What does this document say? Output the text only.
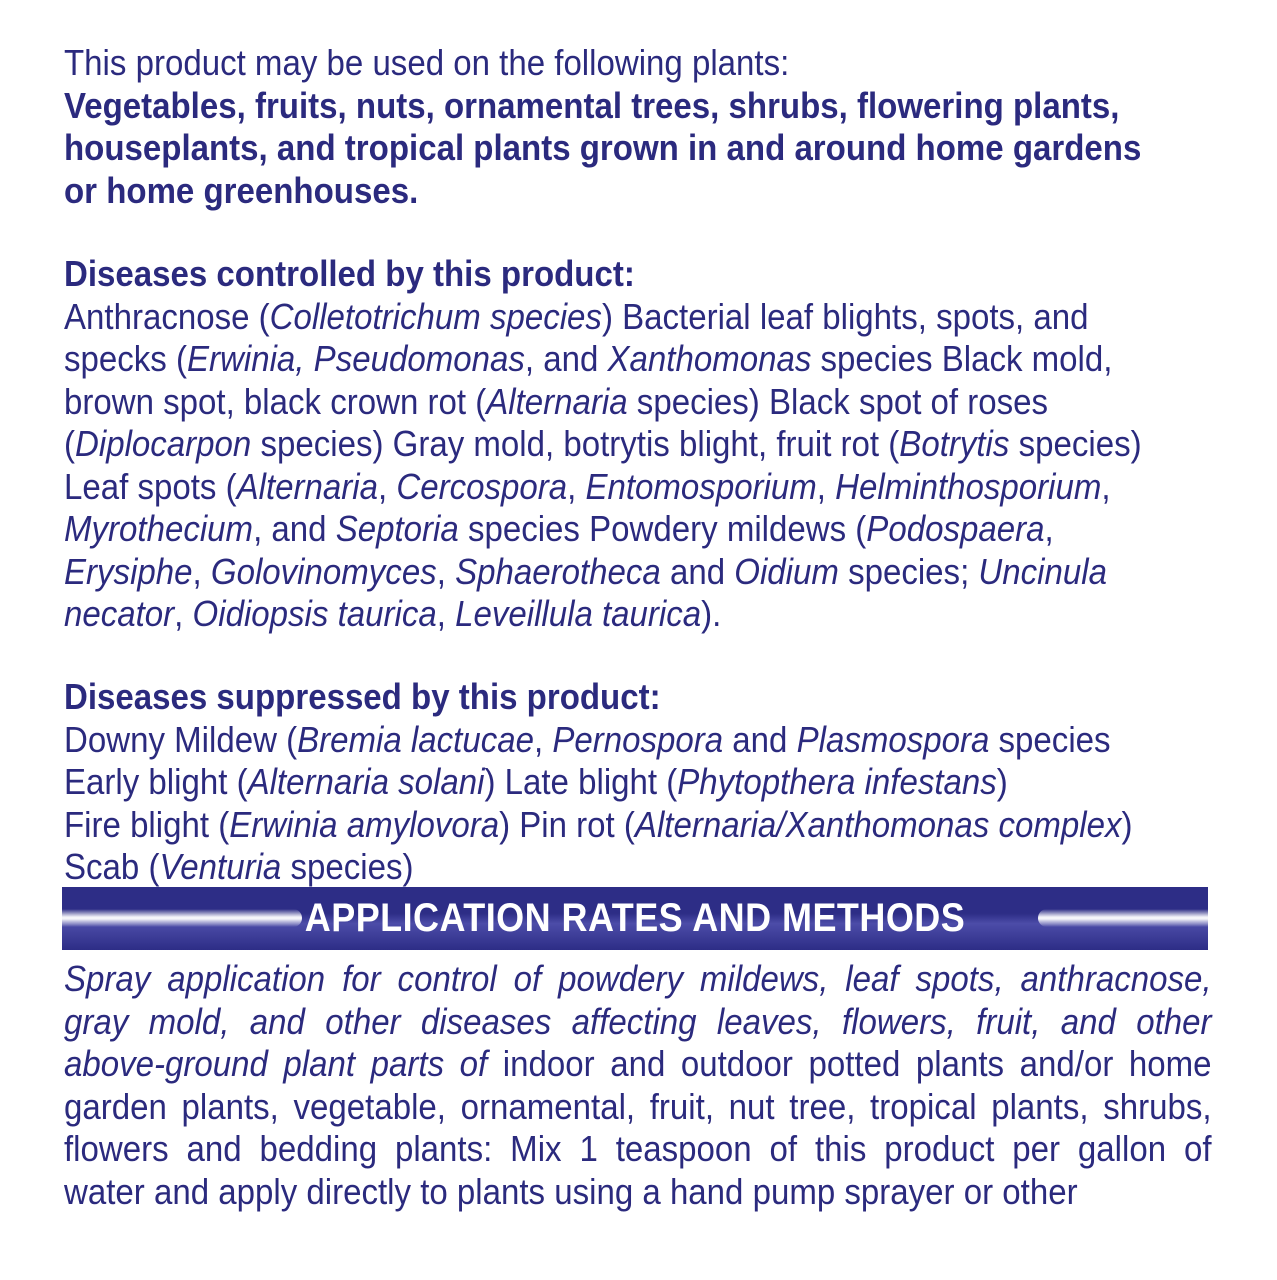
This product may be used on the following plants:
Vegetables, fruits, nuts, ornamental trees, shrubs, flowering plants,
houseplants, and tropical plants grown in and around home gardens
or home greenhouses.
Diseases controlled by this product:
Anthracnose (Colletotrichum species) Bacterial leaf blights, spots, and
specks (Erwinia, Pseudomonas, and Xanthomonas species Black mold,
brown spot, black crown rot (Alternaria species) Black spot of roses
(Diplocarpon species) Gray mold, botrytis blight, fruit rot (Botrytis species)
Leaf spots (Alternaria, Cercospora, Entomosporium, Helminthosporium,
Myrothecium, and Septoria species Powdery mildews (Podospaera,
Erysiphe, Golovinomyces, Sphaerotheca and Oidium species; Uncinula
necator, Oidiopsis taurica, Leveillula taurica).
Diseases suppressed by this product:
Downy Mildew (Bremia lactucae, Pernospora and Plasmospora species
Early blight (Alternaria solani) Late blight (Phytopthera infestans)
Fire blight (Erwinia amylovora) Pin rot (Alternaria/Xanthomonas complex)
Scab (Venturia species)
APPLICATION RATES AND METHODS
Spray application for control of powdery mildews, leaf spots, anthracnose,
gray mold, and other diseases affecting leaves, flowers, fruit, and other
above-ground plant parts of indoor and outdoor potted plants and/or home
garden plants, vegetable, ornamental, fruit, nut tree, tropical plants, shrubs,
flowers and bedding plants: Mix 1 teaspoon of this product per gallon of
water and apply directly to plants using a hand pump sprayer or other
